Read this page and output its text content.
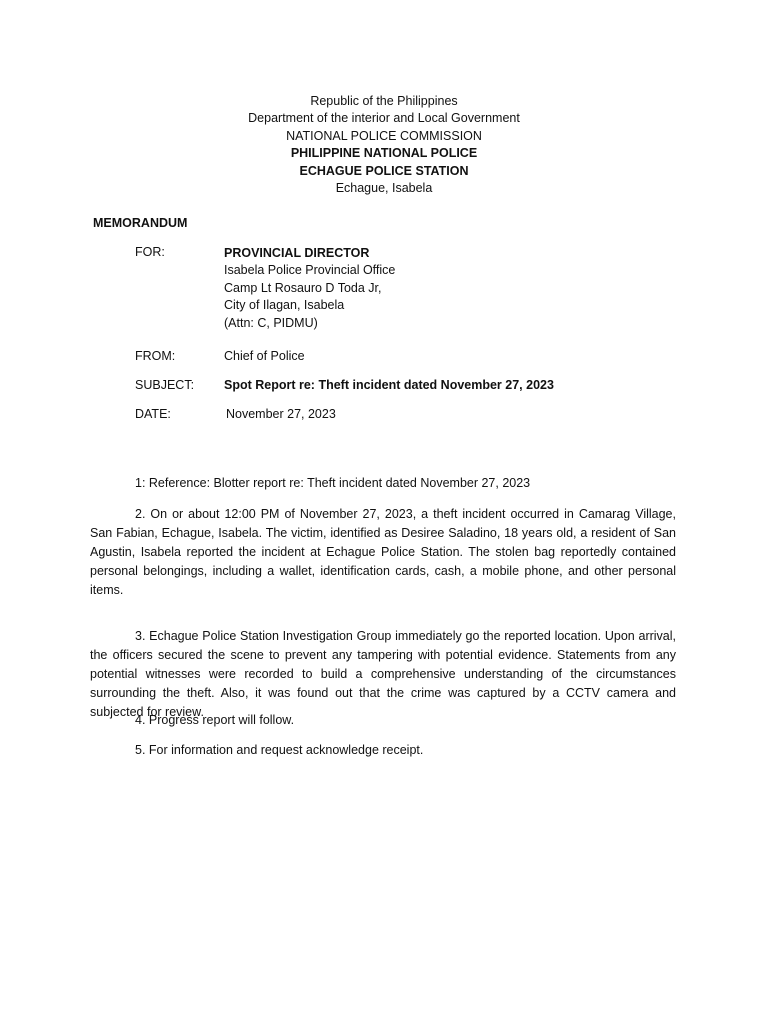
Republic of the Philippines
Department of the interior and Local Government
NATIONAL POLICE COMMISSION
PHILIPPINE NATIONAL POLICE
ECHAGUE POLICE STATION
Echague, Isabela
MEMORANDUM
FOR:	PROVINCIAL DIRECTOR
Isabela Police Provincial Office
Camp Lt Rosauro D Toda Jr,
City of Ilagan, Isabela
(Attn: C, PIDMU)
FROM:	Chief of Police
SUBJECT: Spot Report re: Theft incident dated November 27, 2023
DATE:	November 27, 2023
1: Reference: Blotter report re: Theft incident dated November 27, 2023
2. On or about 12:00 PM of November 27, 2023, a theft incident occurred in Camarag Village, San Fabian, Echague, Isabela. The victim, identified as Desiree Saladino, 18 years old, a resident of San Agustin, Isabela reported the incident at Echague Police Station. The stolen bag reportedly contained personal belongings, including a wallet, identification cards, cash, a mobile phone, and other personal items.
3. Echague Police Station Investigation Group immediately go the reported location. Upon arrival, the officers secured the scene to prevent any tampering with potential evidence. Statements from any potential witnesses were recorded to build a comprehensive understanding of the circumstances surrounding the theft. Also, it was found out that the crime was captured by a CCTV camera and subjected for review.
4. Progress report will follow.
5. For information and request acknowledge receipt.
